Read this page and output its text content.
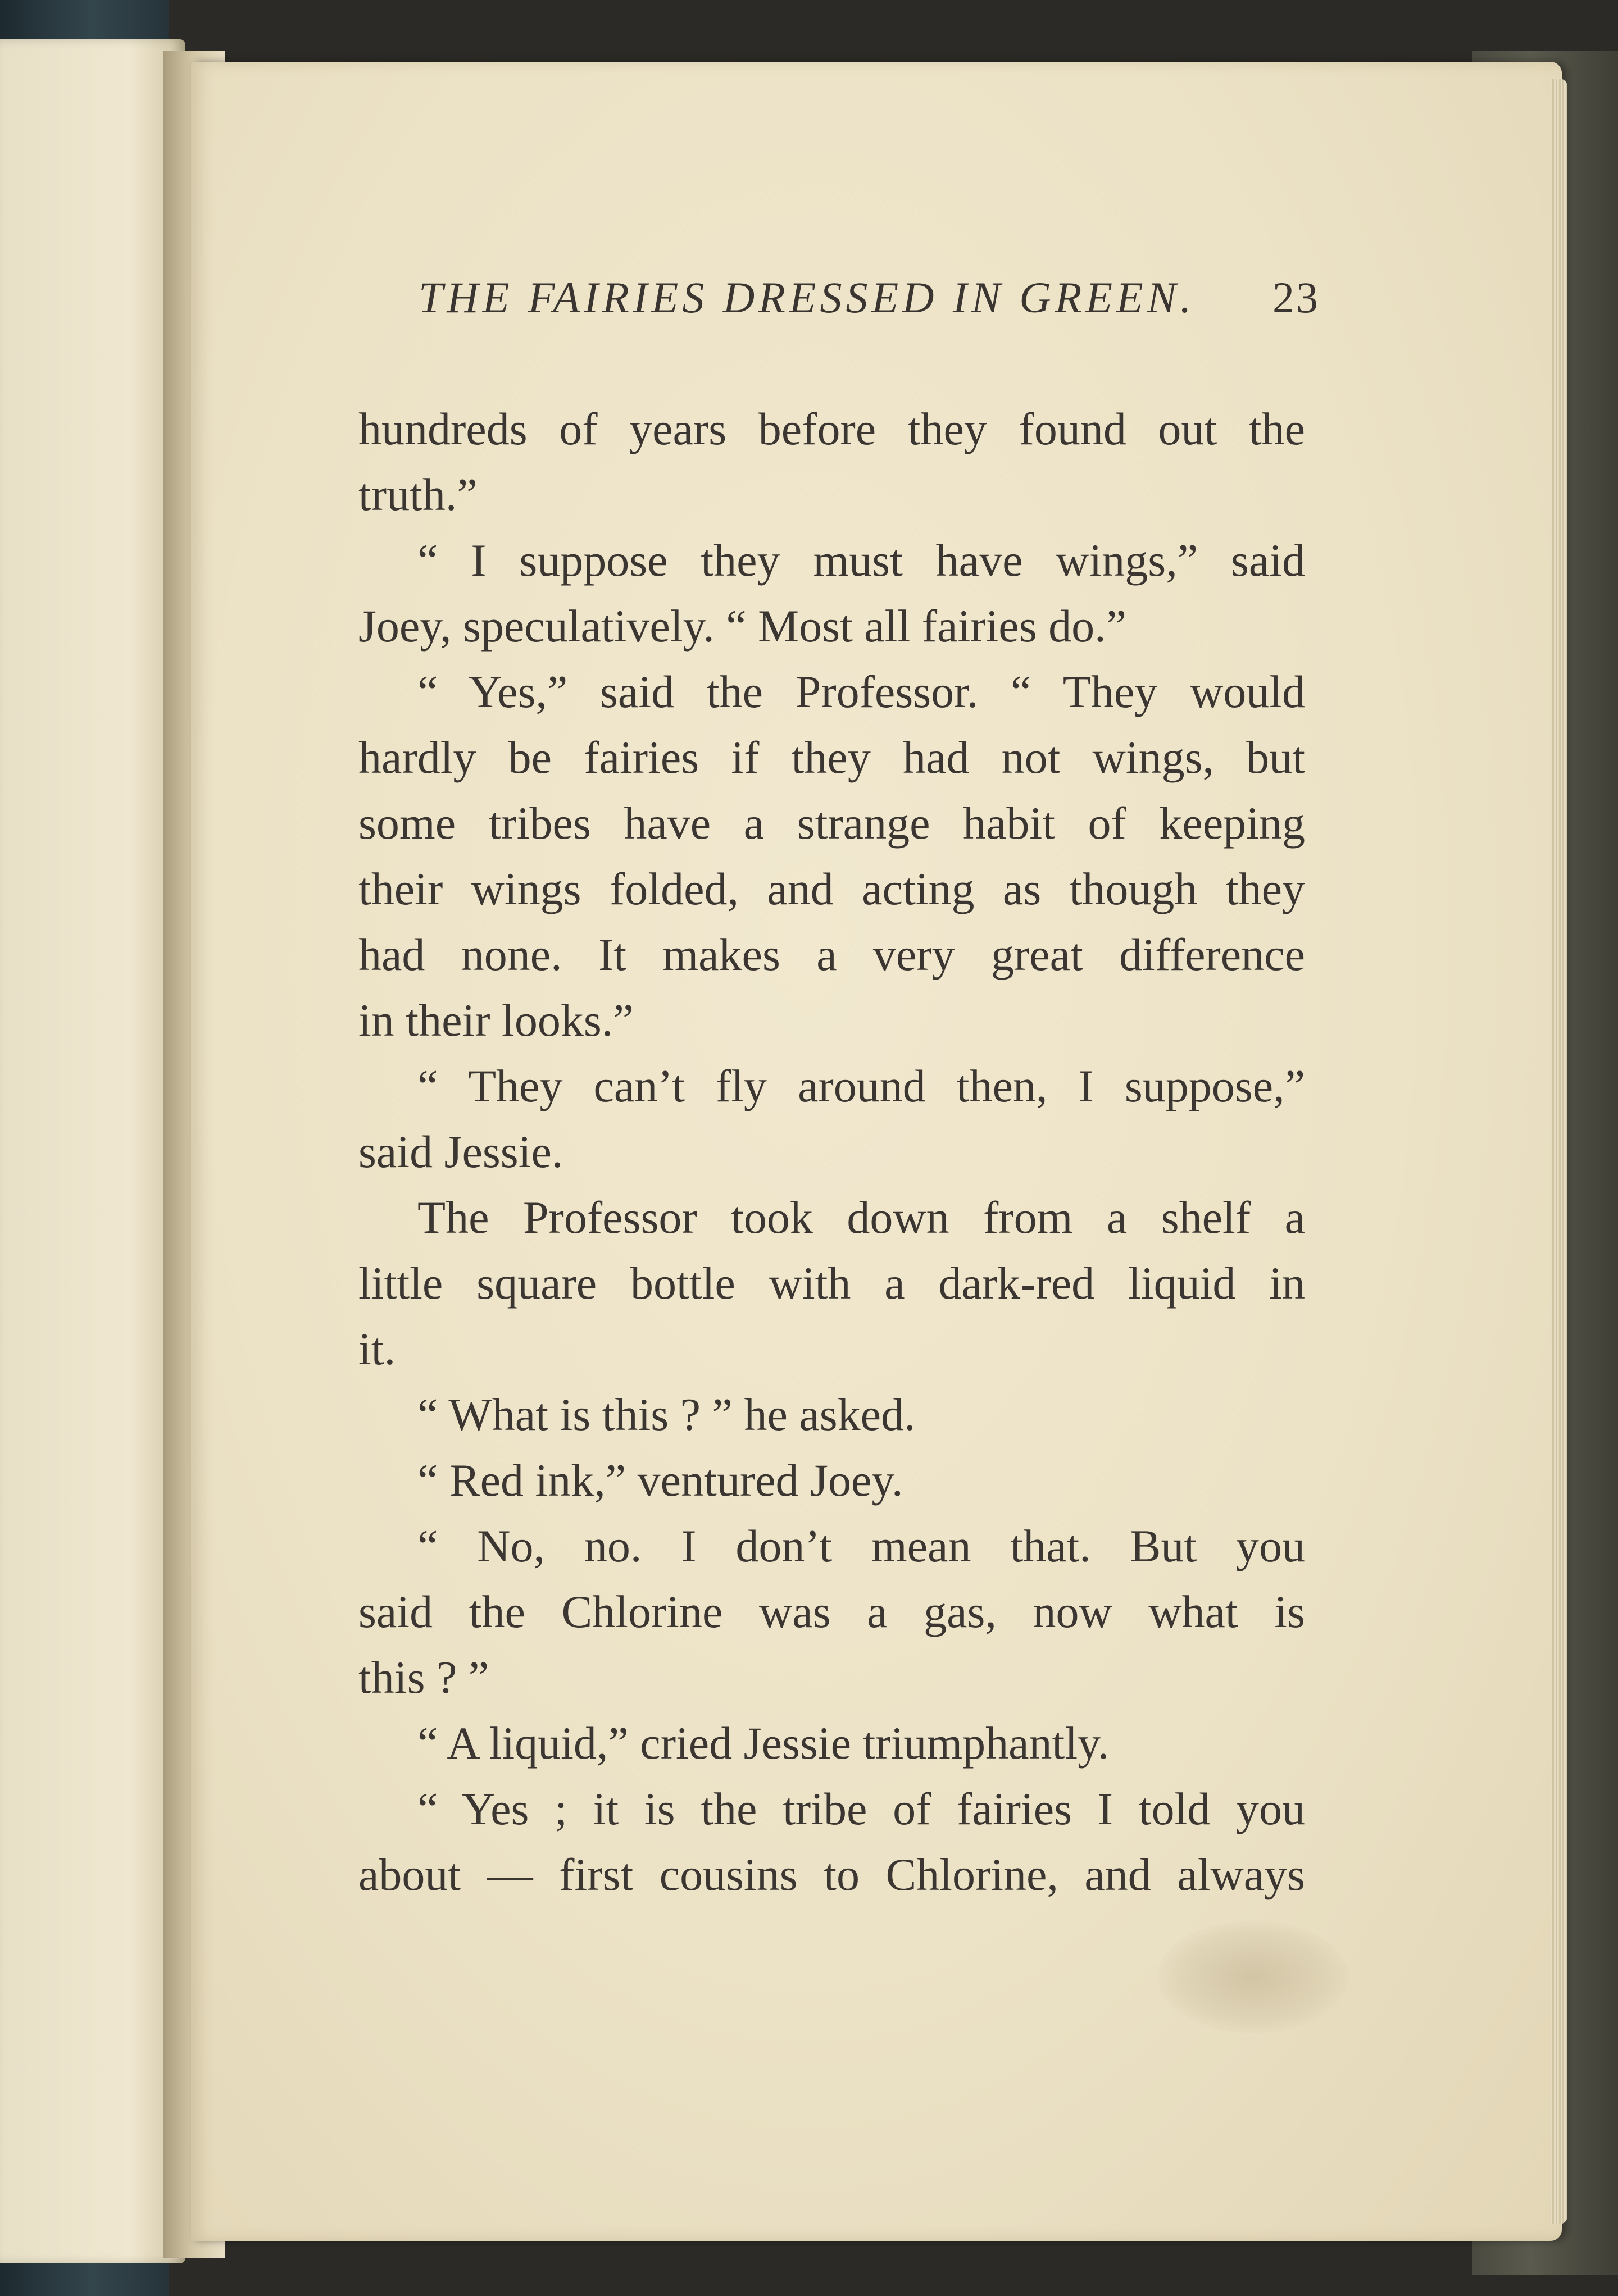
THE FAIRIES DRESSED IN GREEN. 23
hundreds of years before they found out the
truth.”
“ I suppose they must have wings,” said
Joey, speculatively. “ Most all fairies do.”
“ Yes,” said the Professor. “ They would
hardly be fairies if they had not wings, but
some tribes have a strange habit of keeping
their wings folded, and acting as though they
had none. It makes a very great difference
in their looks.”
“ They can’t fly around then, I suppose,”
said Jessie.
The Professor took down from a shelf a
little square bottle with a dark-red liquid in
it.
“ What is this ? ” he asked.
“ Red ink,” ventured Joey.
“ No, no. I don’t mean that. But you
said the Chlorine was a gas, now what is
this ? ”
“ A liquid,” cried Jessie triumphantly.
“ Yes ; it is the tribe of fairies I told you
about — first cousins to Chlorine, and always
